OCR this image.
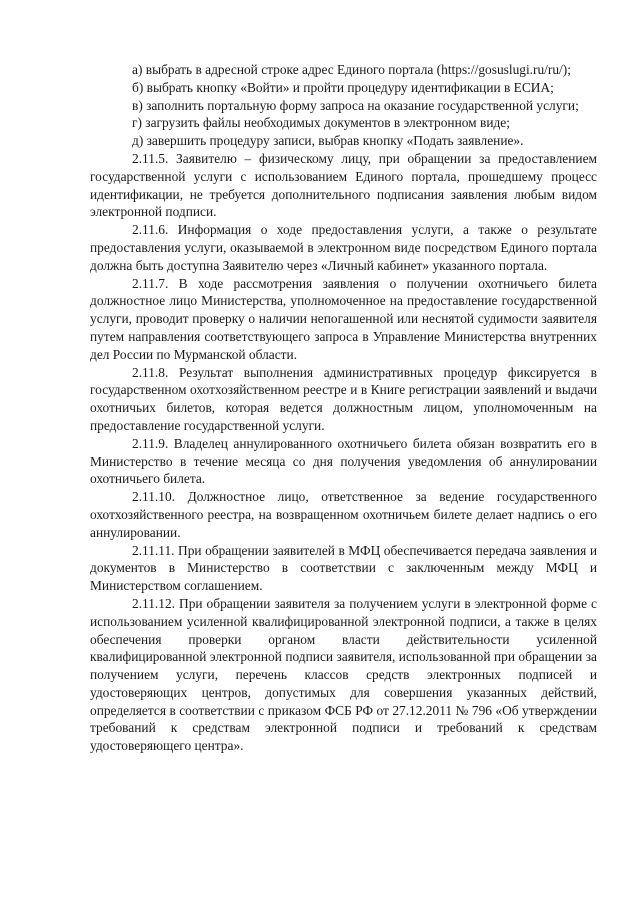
а) выбрать в адресной строке адрес Единого портала (https://gosuslugi.ru/ru/);

б) выбрать кнопку «Войти» и пройти процедуру идентификации в ЕСИА;

в) заполнить портальную форму запроса на оказание государственной услуги;

г) загрузить файлы необходимых документов в электронном виде;

д) завершить процедуру записи, выбрав кнопку «Подать заявление».

2.11.5. Заявителю – физическому лицу, при обращении за предоставлением государственной услуги с использованием Единого портала, прошедшему процесс идентификации, не требуется дополнительного подписания заявления любым видом электронной подписи.

2.11.6. Информация о ходе предоставления услуги, а также о результате предоставления услуги, оказываемой в электронном виде посредством Единого портала должна быть доступна Заявителю через «Личный кабинет» указанного портала.

2.11.7. В ходе рассмотрения заявления о получении охотничьего билета должностное лицо Министерства, уполномоченное на предоставление государственной услуги, проводит проверку о наличии непогашенной или неснятой судимости заявителя путем направления соответствующего запроса в Управление Министерства внутренних дел России по Мурманской области.

2.11.8. Результат выполнения административных процедур фиксируется в государственном охотхозяйственном реестре и в Книге регистрации заявлений и выдачи охотничьих билетов, которая ведется должностным лицом, уполномоченным на предоставление государственной услуги.

2.11.9. Владелец аннулированного охотничьего билета обязан возвратить его в Министерство в течение месяца со дня получения уведомления об аннулировании охотничьего билета.

2.11.10. Должностное лицо, ответственное за ведение государственного охотхозяйственного реестра, на возвращенном охотничьем билете делает надпись о его аннулировании.

2.11.11. При обращении заявителей в МФЦ обеспечивается передача заявления и документов в Министерство в соответствии с заключенным между МФЦ и Министерством соглашением.

2.11.12. При обращении заявителя за получением услуги в электронной форме с использованием усиленной квалифицированной электронной подписи, а также в целях обеспечения проверки органом власти действительности усиленной квалифицированной электронной подписи заявителя, использованной при обращении за получением услуги, перечень классов средств электронных подписей и удостоверяющих центров, допустимых для совершения указанных действий, определяется в соответствии с приказом ФСБ РФ от 27.12.2011 № 796 «Об утверждении требований к средствам электронной подписи и требований к средствам удостоверяющего центра».
